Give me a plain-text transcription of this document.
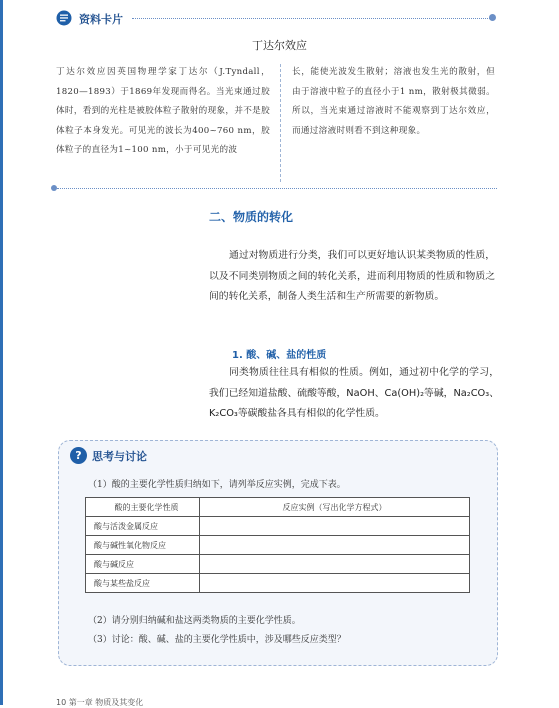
资料卡片
丁达尔效应
丁达尔效应因英国物理学家丁达尔（J.Tyndall，1820—1893）于1869年发现而得名。当光束通过胶体时，看到的光柱是被胶体粒子散射的现象，并不是胶体粒子本身发光。可见光的波长为400~760 nm，胶体粒子的直径为1~100 nm，小于可见光的波
长，能使光波发生散射；溶液也发生光的散射，但由于溶液中粒子的直径小于1 nm，散射极其微弱。所以，当光束通过溶液时不能观察到丁达尔效应，而通过溶液时则看不到这种现象。
二、物质的转化
通过对物质进行分类，我们可以更好地认识某类物质的性质，以及不同类别物质之间的转化关系，进而利用物质的性质和物质之间的转化关系，制备人类生活和生产所需要的新物质。
1. 酸、碱、盐的性质
同类物质往往具有相似的性质。例如，通过初中化学的学习，我们已经知道盐酸、硫酸等酸，NaOH、Ca(OH)₂等碱，Na₂CO₃、K₂CO₃等碳酸盐各具有相似的化学性质。
? 思考与讨论
（1）酸的主要化学性质归纳如下，请列举反应实例，完成下表。
酸的主要化学性质	反应实例（写出化学方程式）
酸与活泼金属反应	
酸与碱性氧化物反应	
酸与碱反应	
酸与某些盐反应	
（2）请分别归纳碱和盐这两类物质的主要化学性质。
（3）讨论：酸、碱、盐的主要化学性质中，涉及哪些反应类型？
10 第一章 物质及其变化
